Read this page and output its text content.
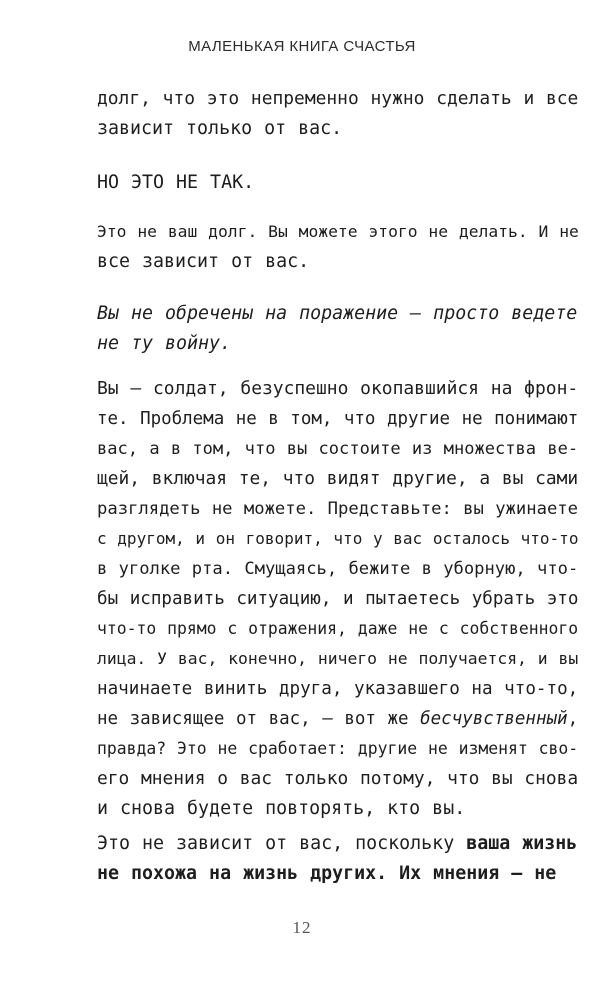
МАЛЕНЬКАЯ КНИГА СЧАСТЬЯ
долг, что это непременно нужно сделать и все
зависит только от вас.
НО ЭТО НЕ ТАК.
Это не ваш долг. Вы можете этого не делать. И не
все зависит от вас.
Вы не обречены на поражение — просто ведете
не ту войну.
Вы — солдат, безуспешно окопавшийся на фрон-
те. Проблема не в том, что другие не понимают
вас, а в том, что вы состоите из множества ве-
щей, включая те, что видят другие, а вы сами
разглядеть не можете. Представьте: вы ужинаете
с другом, и он говорит, что у вас осталось что-то
в уголке рта. Смущаясь, бежите в уборную, что-
бы исправить ситуацию, и пытаетесь убрать это
что-то прямо с отражения, даже не с собственного
лица. У вас, конечно, ничего не получается, и вы
начинаете винить друга, указавшего на что-то,
не зависящее от вас, — вот же бесчувственный,
правда? Это не сработает: другие не изменят сво-
его мнения о вас только потому, что вы снова
и снова будете повторять, кто вы.
Это не зависит от вас, поскольку ваша жизнь
не похожа на жизнь других. Их мнения — не
12
